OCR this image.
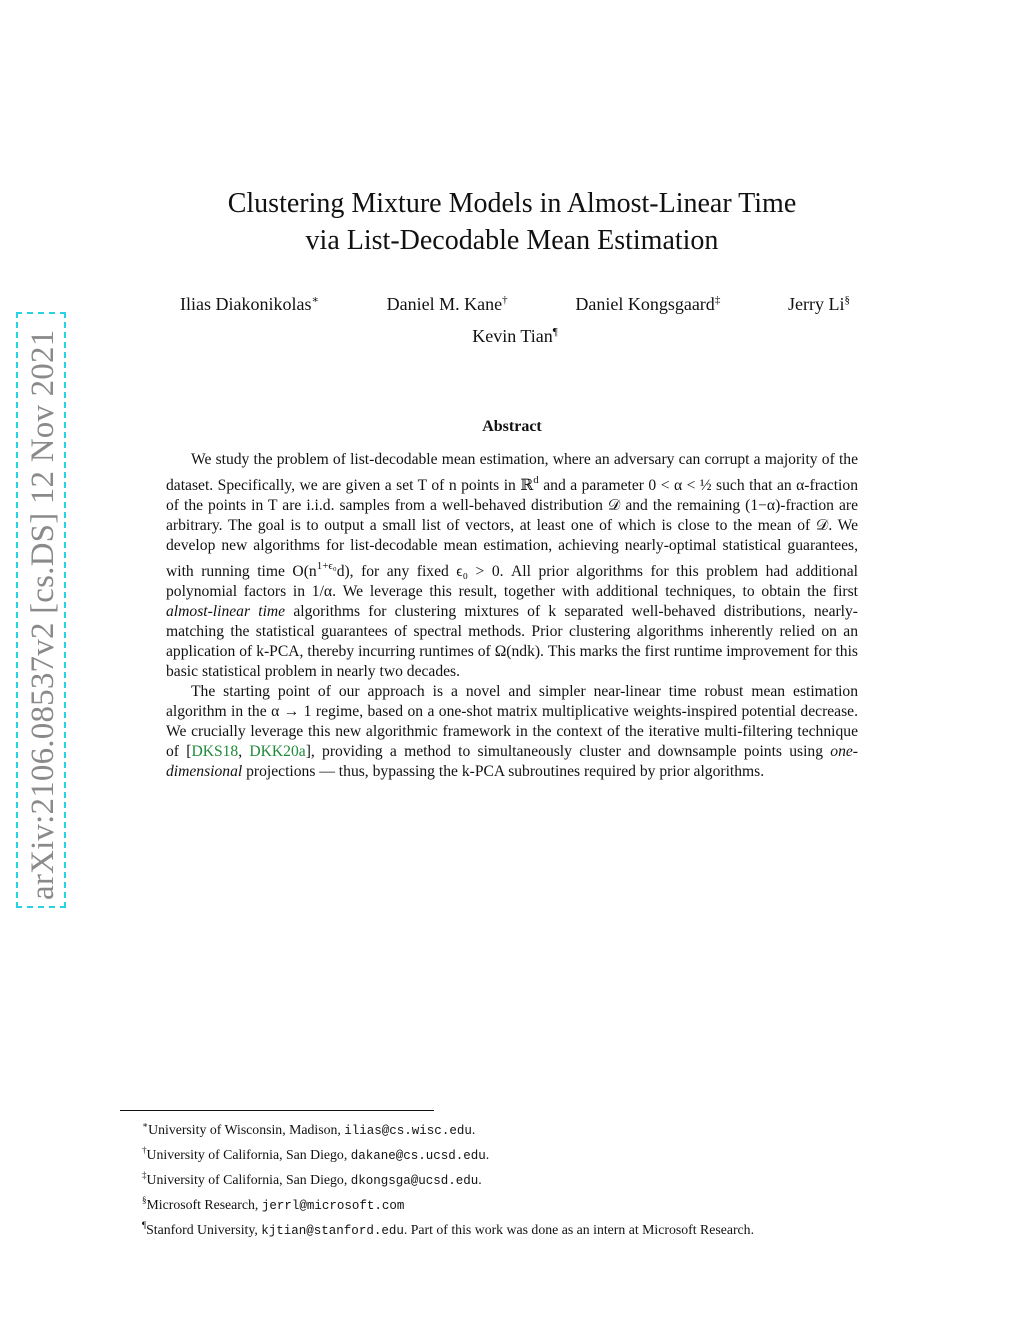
arXiv:2106.08537v2 [cs.DS] 12 Nov 2021
Clustering Mixture Models in Almost-Linear Time
via List-Decodable Mean Estimation
Ilias Diakonikolas∗	Daniel M. Kane†	Daniel Kongsgaard‡	Jerry Li§
Kevin Tian¶
Abstract

We study the problem of list-decodable mean estimation, where an adversary can corrupt a majority of the dataset. Specifically, we are given a set T of n points in ℝ$^d$ and a parameter 0 < α < ½ such that an α-fraction of the points in T are i.i.d. samples from a well-behaved distribution 𝒟 and the remaining (1−α)-fraction are arbitrary. The goal is to output a small list of vectors, at least one of which is close to the mean of 𝒟. We develop new algorithms for list-decodable mean estimation, achieving nearly-optimal statistical guarantees, with running time $O(n^{1+\epsilon_0}d)$, for any fixed ϵ₀ > 0. All prior algorithms for this problem had additional polynomial factors in 1/α. We leverage this result, together with additional techniques, to obtain the first almost-linear time algorithms for clustering mixtures of k separated well-behaved distributions, nearly-matching the statistical guarantees of spectral methods. Prior clustering algorithms inherently relied on an application of k-PCA, thereby incurring runtimes of Ω(ndk). This marks the first runtime improvement for this basic statistical problem in nearly two decades.

The starting point of our approach is a novel and simpler near-linear time robust mean estimation algorithm in the α → 1 regime, based on a one-shot matrix multiplicative weights-inspired potential decrease. We crucially leverage this new algorithmic framework in the context of the iterative multi-filtering technique of [DKS18, DKK20a], providing a method to simultaneously cluster and downsample points using one-dimensional projections — thus, bypassing the k-PCA subroutines required by prior algorithms.

∗University of Wisconsin, Madison, ilias@cs.wisc.edu.
†University of California, San Diego, dakane@cs.ucsd.edu.
‡University of California, San Diego, dkongsga@ucsd.edu.
§Microsoft Research, jerrl@microsoft.com
¶Stanford University, kjtian@stanford.edu. Part of this work was done as an intern at Microsoft Research.
